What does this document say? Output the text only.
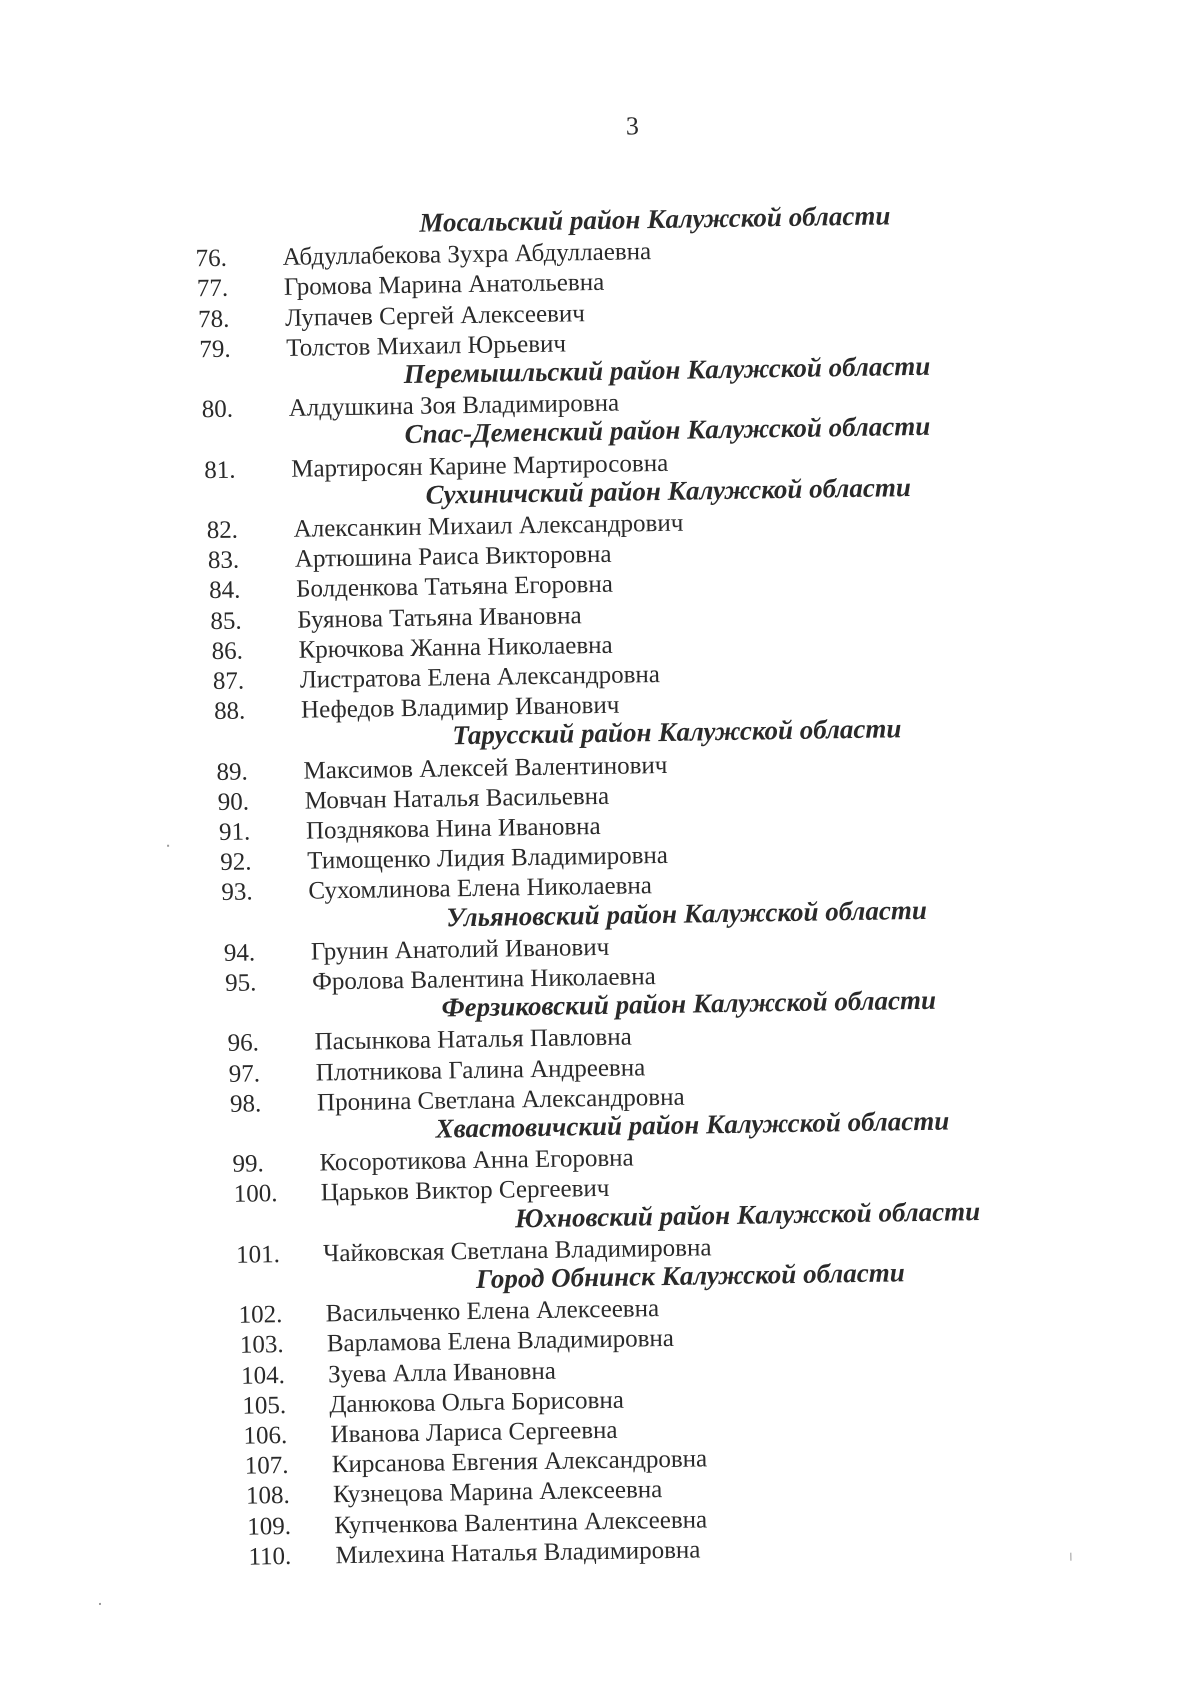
3
Мосальский район Калужской области
76. Абдуллабекова Зухра Абдуллаевна
77. Громова Марина Анатольевна
78. Лупачев Сергей Алексеевич
79. Толстов Михаил Юрьевич
Перемышльский район Калужской области
80. Алдушкина Зоя Владимировна
Спас-Деменский район Калужской области
81. Мартиросян Карине Мартиросовна
Сухиничский район Калужской области
82. Алексанкин Михаил Александрович
83. Артюшина Раиса Викторовна
84. Болденкова Татьяна Егоровна
85. Буянова Татьяна Ивановна
86. Крючкова Жанна Николаевна
87. Листратова Елена Александровна
88. Нефедов Владимир Иванович
Тарусский район Калужской области
89. Максимов Алексей Валентинович
90. Мовчан Наталья Васильевна
91. Позднякова Нина Ивановна
92. Тимощенко Лидия Владимировна
93. Сухомлинова Елена Николаевна
Ульяновский район Калужской области
94. Грунин Анатолий Иванович
95. Фролова Валентина Николаевна
Ферзиковский район Калужской области
96. Пасынкова Наталья Павловна
97. Плотникова Галина Андреевна
98. Пронина Светлана Александровна
Хвастовичский район Калужской области
99. Косоротикова Анна Егоровна
100. Царьков Виктор Сергеевич
Юхновский район Калужской области
101. Чайковская Светлана Владимировна
Город Обнинск Калужской области
102. Васильченко Елена Алексеевна
103. Варламова Елена Владимировна
104. Зуева Алла Ивановна
105. Данюкова Ольга Борисовна
106. Иванова Лариса Сергеевна
107. Кирсанова Евгения Александровна
108. Кузнецова Марина Алексеевна
109. Купченкова Валентина Алексеевна
110. Милехина Наталья Владимировна
